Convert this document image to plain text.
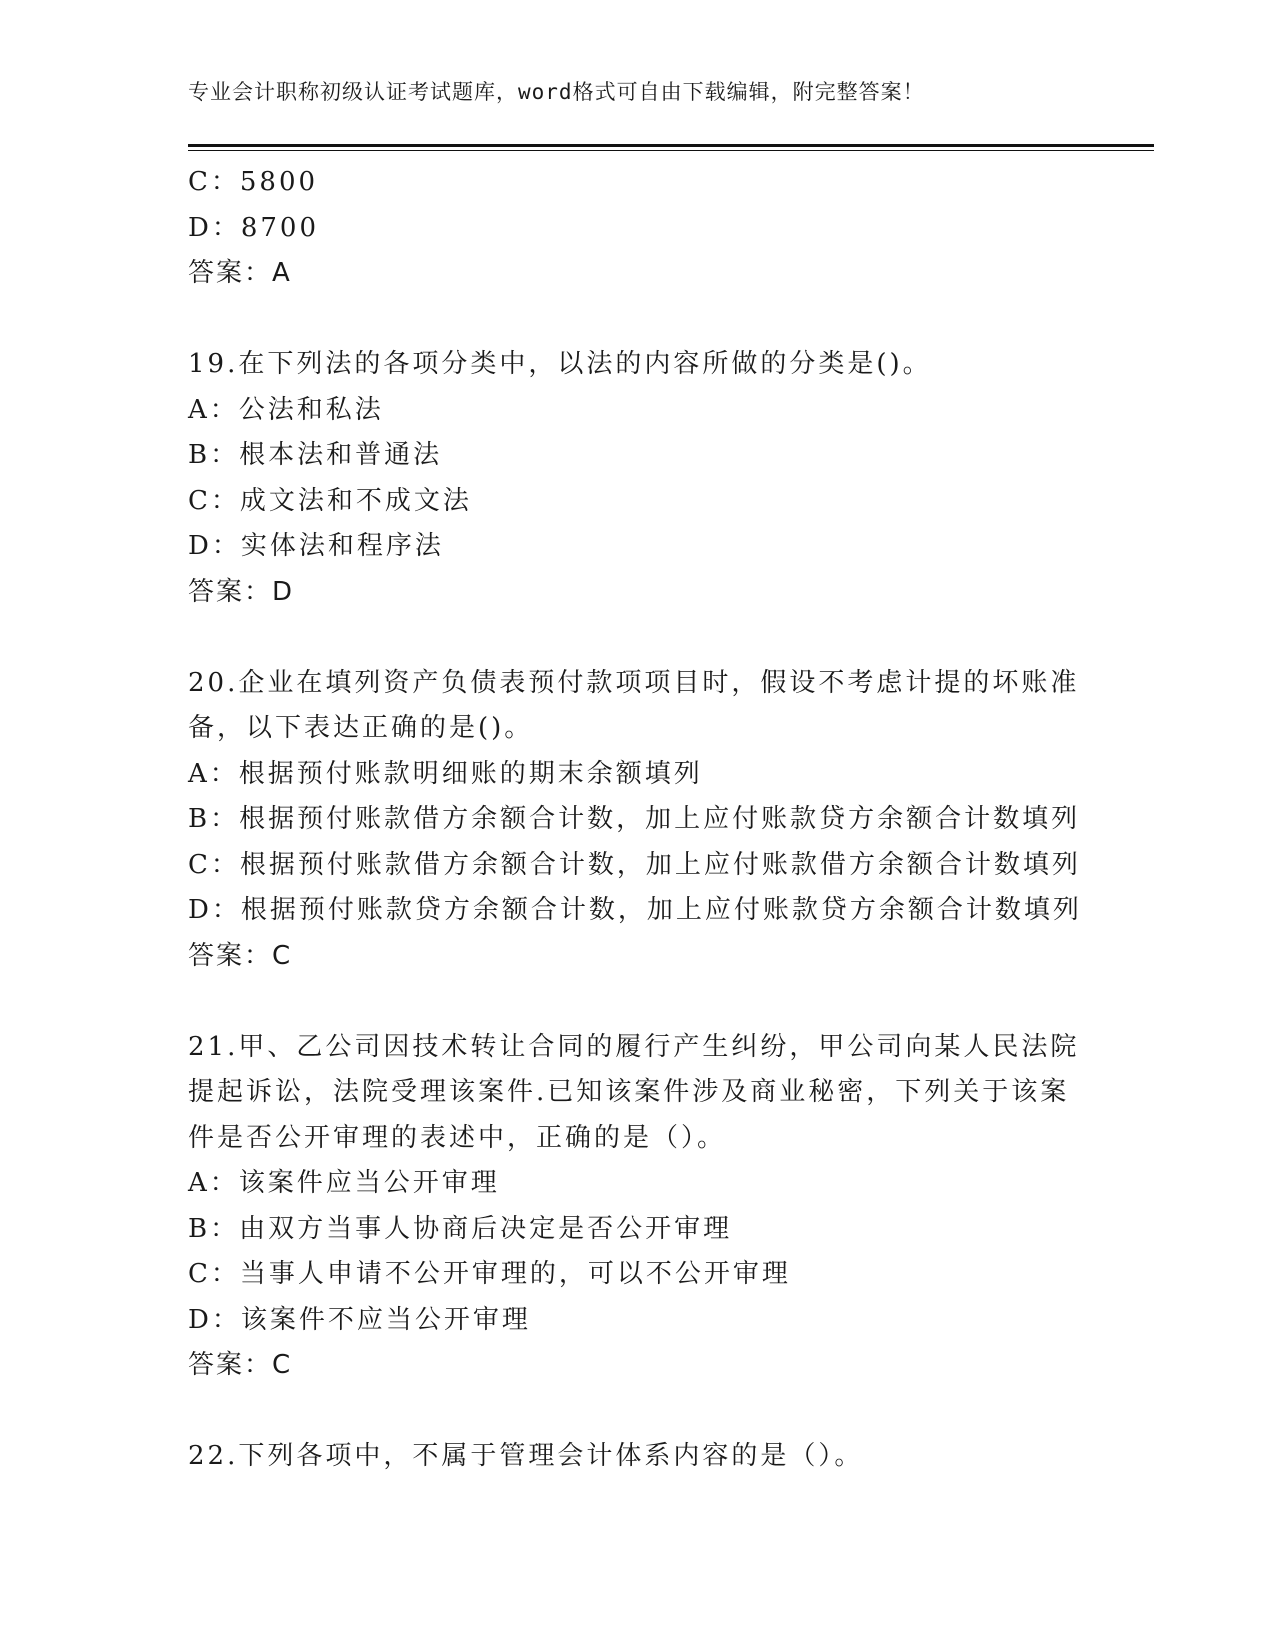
专业会计职称初级认证考试题库，word格式可自由下载编辑，附完整答案！
C：5800
D：8700
答案：A
19.在下列法的各项分类中，以法的内容所做的分类是()。
A：公法和私法
B：根本法和普通法
C：成文法和不成文法
D：实体法和程序法
答案：D
20.企业在填列资产负债表预付款项项目时，假设不考虑计提的坏账准
备，以下表达正确的是()。
A：根据预付账款明细账的期末余额填列
B：根据预付账款借方余额合计数，加上应付账款贷方余额合计数填列
C：根据预付账款借方余额合计数，加上应付账款借方余额合计数填列
D：根据预付账款贷方余额合计数，加上应付账款贷方余额合计数填列
答案：C
21.甲、乙公司因技术转让合同的履行产生纠纷，甲公司向某人民法院
提起诉讼，法院受理该案件.已知该案件涉及商业秘密，下列关于该案
件是否公开审理的表述中，正确的是（）。
A：该案件应当公开审理
B：由双方当事人协商后决定是否公开审理
C：当事人申请不公开审理的，可以不公开审理
D：该案件不应当公开审理
答案：C
22.下列各项中，不属于管理会计体系内容的是（）。
